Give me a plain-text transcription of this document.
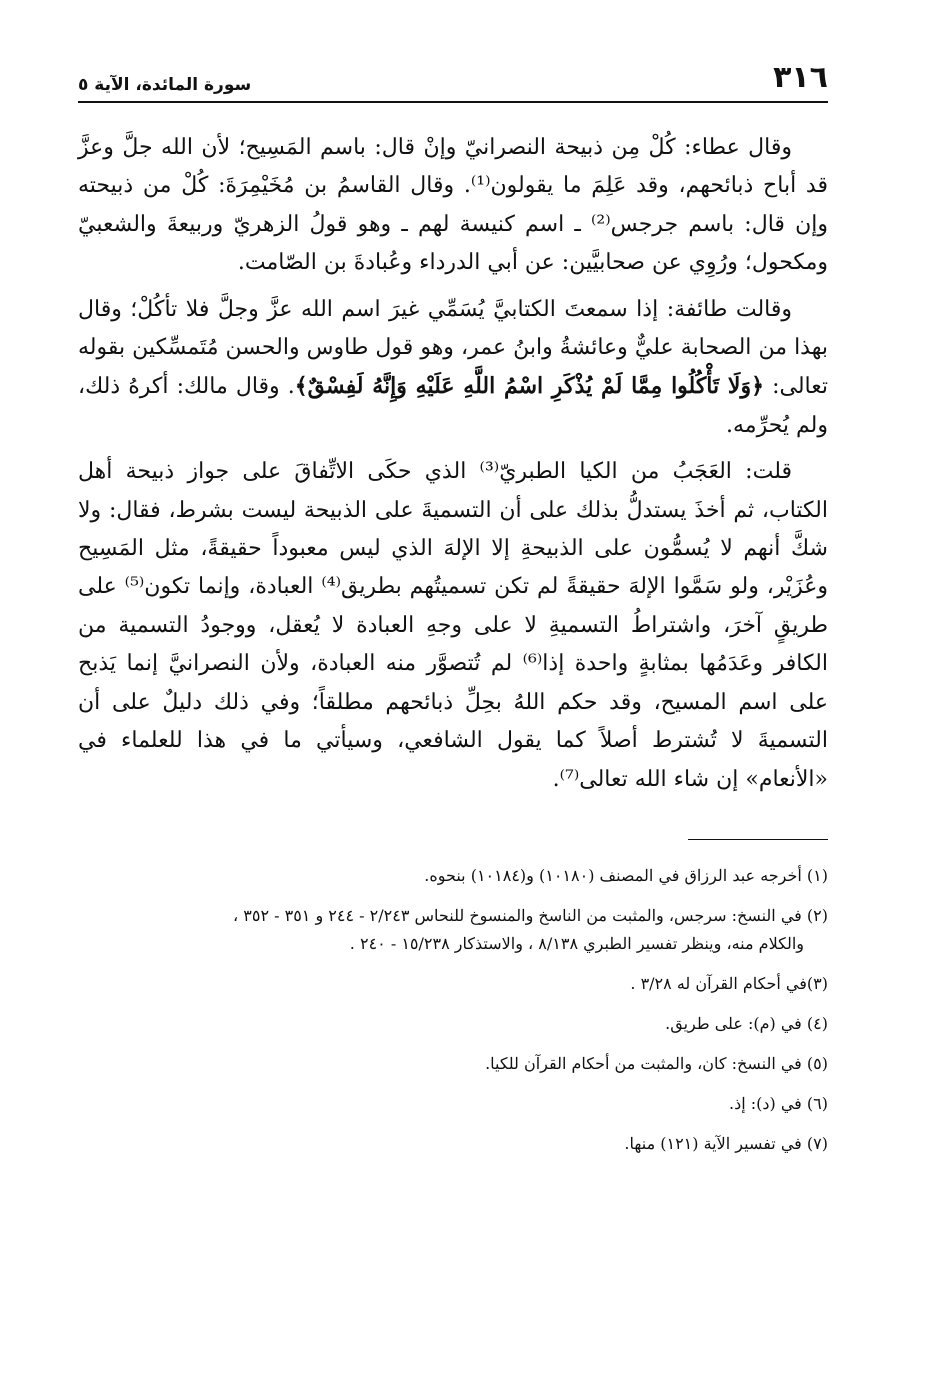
٣١٦
سورة المائدة، الآية ٥

وقال عطاء: كُلْ مِن ذبيحة النصرانيّ وإنْ قال: باسم المَسِيح؛ لأن الله جلَّ وعزَّ قد أباح ذبائحهم، وقد عَلِمَ ما يقولون⁽¹⁾. وقال القاسمُ بن مُخَيْمِرَةَ: كُلْ من ذبيحته وإن قال: باسم جرجس⁽²⁾ ـ اسم كنيسة لهم ـ وهو قولُ الزهريّ وربيعةَ والشعبيّ ومكحول؛ ورُوِي عن صحابيَّين: عن أبي الدرداء وعُبادةَ بن الصّامت.

وقالت طائفة: إذا سمعتَ الكتابيَّ يُسَمِّي غيرَ اسم الله عزَّ وجلَّ فلا تأكُلْ؛ وقال بهذا من الصحابة عليٌّ وعائشةُ وابنُ عمر، وهو قول طاوس والحسن مُتَمسِّكين بقوله تعالى: ﴿وَلَا تَأْكُلُوا مِمَّا لَمْ يُذْكَرِ اسْمُ اللَّهِ عَلَيْهِ وَإِنَّهُ لَفِسْقٌ﴾. وقال مالك: أكرهُ ذلك، ولم يُحرِّمه.

قلت: العَجَبُ من الكيا الطبريّ⁽³⁾ الذي حكَى الاتِّفاقَ على جواز ذبيحة أهل الكتاب، ثم أخذَ يستدلُّ بذلك على أن التسميةَ على الذبيحة ليست بشرط، فقال: ولا شكَّ أنهم لا يُسمُّون على الذبيحةِ إلا الإلهَ الذي ليس معبوداً حقيقةً، مثل المَسِيح وعُزَيْر، ولو سَمَّوا الإلهَ حقيقةً لم تكن تسميتُهم بطريق⁽⁴⁾ العبادة، وإنما تكون⁽⁵⁾ على طريقٍ آخرَ، واشتراطُ التسميةِ لا على وجهِ العبادة لا يُعقل، ووجودُ التسمية من الكافر وعَدَمُها بمثابةٍ واحدة إذا⁽⁶⁾ لم تُتصوَّر منه العبادة، ولأن النصرانيَّ إنما يَذبح على اسم المسيح، وقد حكم اللهُ بحِلِّ ذبائحهم مطلقاً؛ وفي ذلك دليلٌ على أن التسميةَ لا تُشترط أصلاً كما يقول الشافعي، وسيأتي ما في هذا للعلماء في «الأنعام» إن شاء الله تعالى⁽⁷⁾.

(١) أخرجه عبد الرزاق في المصنف (١٠١٨٠) و(١٠١٨٤) بنحوه.

(٢) في النسخ: سرجس، والمثبت من الناسخ والمنسوخ للنحاس ٢/٢٤٣ - ٢٤٤ و ٣٥١ - ٣٥٢ ،
والكلام منه، وينظر تفسير الطبري ٨/١٣٨ ، والاستذكار ١٥/٢٣٨ - ٢٤٠ .

(٣)في أحكام القرآن له ٣/٢٨ .

(٤) في (م): على طريق.

(٥) في النسخ: كان، والمثبت من أحكام القرآن للكيا.

(٦) في (د): إذ.

(٧) في تفسير الآية (١٢١) منها.
